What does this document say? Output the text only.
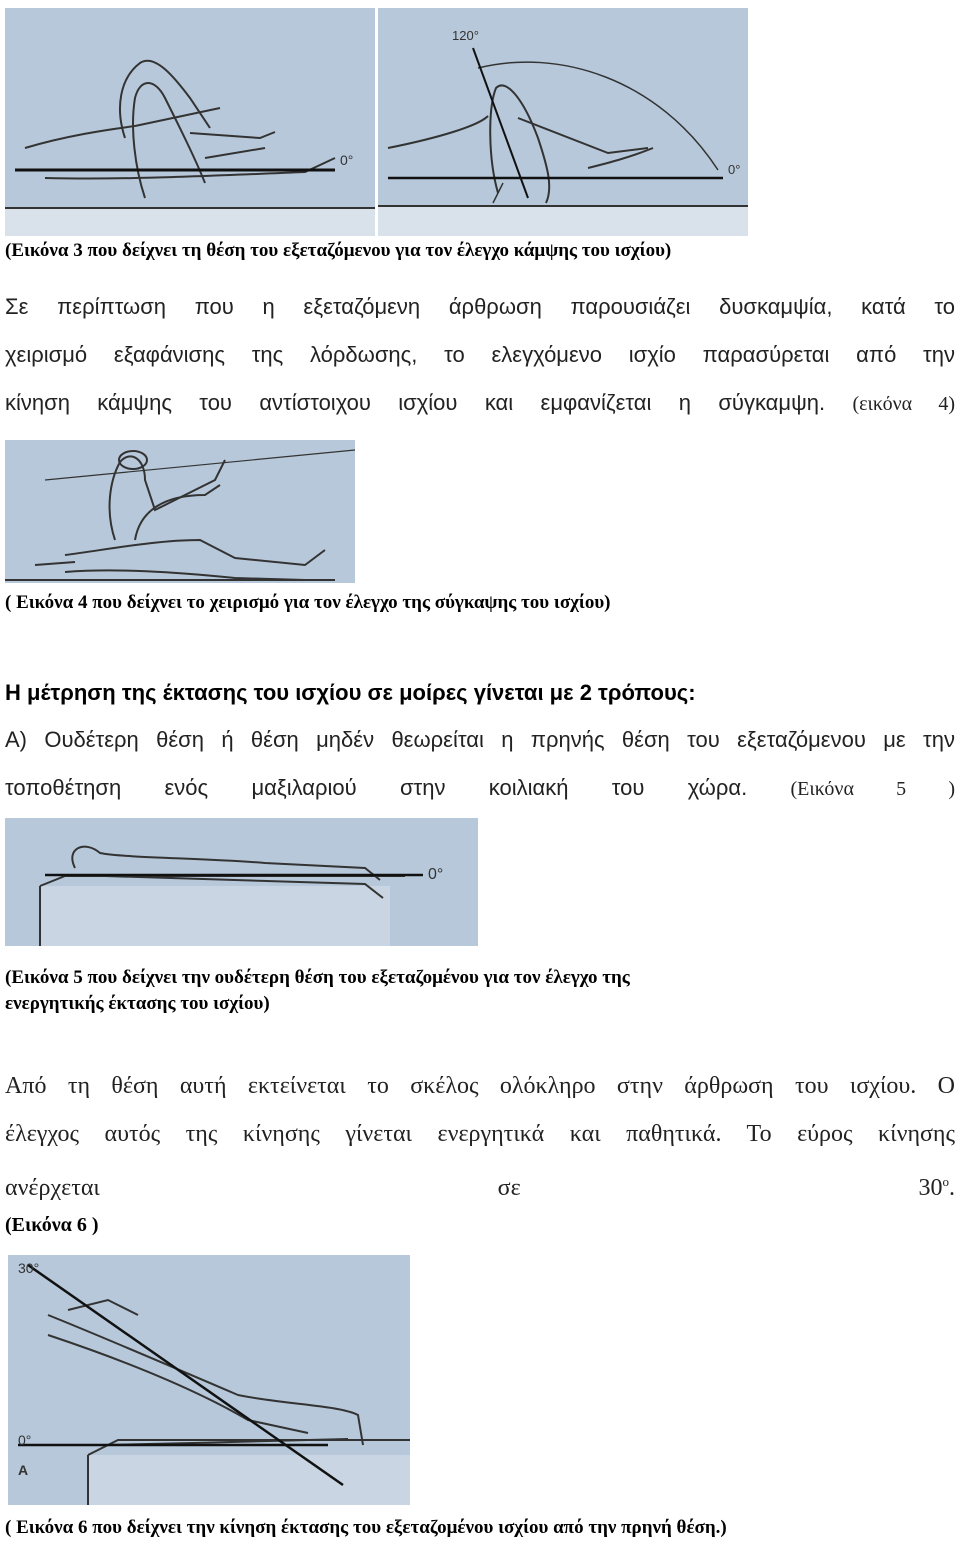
0°
120°
0°
(Εικόνα 3 που δείχνει τη θέση του εξεταζόμενου για τον έλεγχο κάμψης του ισχίου)
Σε περίπτωση που η εξεταζόμενη άρθρωση παρουσιάζει δυσκαμψία, κατά το
χειρισμό εξαφάνισης της λόρδωσης, το ελεγχόμενο ισχίο παρασύρεται από την
κίνηση κάμψης του αντίστοιχου ισχίου και εμφανίζεται η σύγκαμψη. (εικόνα 4)
( Εικόνα 4 που δείχνει το χειρισμό για τον έλεγχο της σύγκαψης του ισχίου)
Η μέτρηση της έκτασης του ισχίου σε μοίρες γίνεται με 2 τρόπους:
Α) Ουδέτερη θέση ή θέση μηδέν θεωρείται η πρηνής θέση του εξεταζόμενου με την
τοποθέτηση ενός μαξιλαριού στην κοιλιακή του χώρα. (Εικόνα 5 )
0°
(Εικόνα 5 που δείχνει την ουδέτερη θέση του εξεταζομένου για τον έλεγχο της
ενεργητικής έκτασης του ισχίου)
Από τη θέση αυτή εκτείνεται το σκέλος ολόκληρο στην άρθρωση του ισχίου. Ο
έλεγχος αυτός της κίνησης γίνεται ενεργητικά και παθητικά. Το εύρος κίνησης
ανέρχεται σε $30^o$.
(Εικόνα 6 )
30°
0°
A
( Εικόνα 6 που δείχνει την κίνηση έκτασης του εξεταζομένου ισχίου από την πρηνή θέση.)
